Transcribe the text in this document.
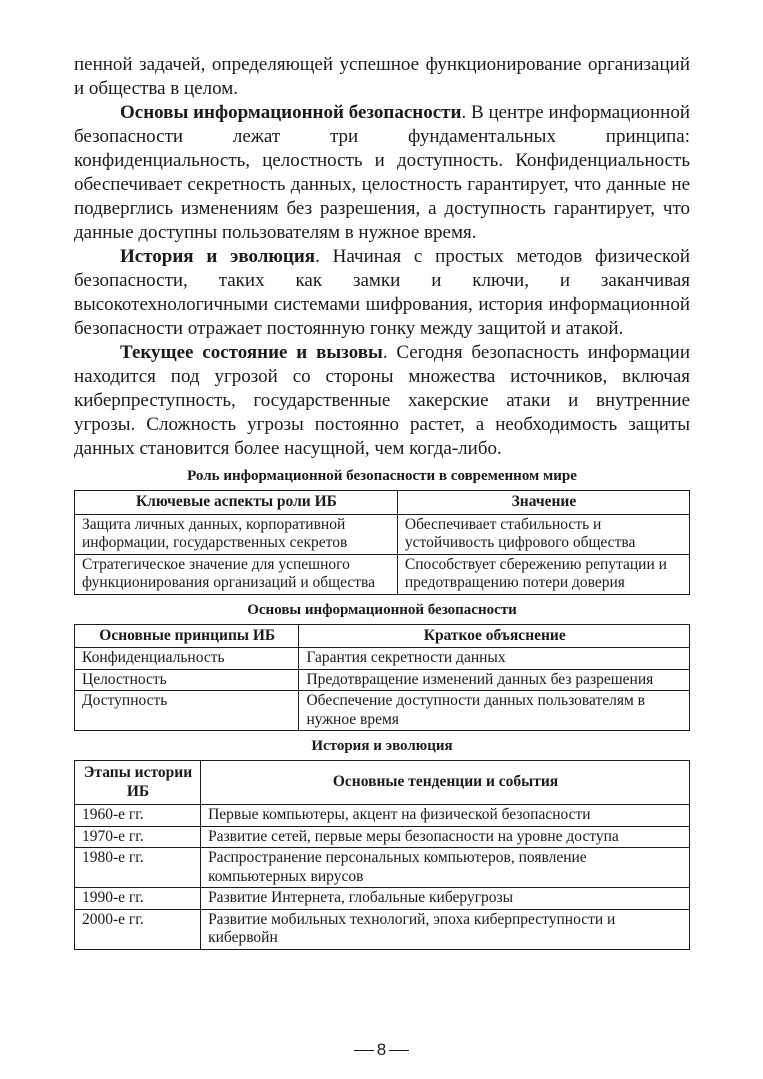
пенной задачей, определяющей успешное функционирование организаций и общества в целом.

Основы информационной безопасности. В центре информационной безопасности лежат три фундаментальных принципа: конфиденциальность, целостность и доступность. Конфиденциальность обеспечивает секретность данных, целостность гарантирует, что данные не подверглись изменениям без разрешения, а доступность гарантирует, что данные доступны пользователям в нужное время.

История и эволюция. Начиная с простых методов физической безопасности, таких как замки и ключи, и заканчивая высокотехнологичными системами шифрования, история информационной безопасности отражает постоянную гонку между защитой и атакой.

Текущее состояние и вызовы. Сегодня безопасность информации находится под угрозой со стороны множества источников, включая киберпреступность, государственные хакерские атаки и внутренние угрозы. Сложность угрозы постоянно растет, а необходимость защиты данных становится более насущной, чем когда-либо.

Роль информационной безопасности в современном мире
Ключевые аспекты роли ИБ	Значение
Защита личных данных, корпоративной информации, государственных секретов	Обеспечивает стабильность и устойчивость цифрового общества
Стратегическое значение для успешного функционирования организаций и общества	Способствует сбережению репутации и предотвращению потери доверия
Основы информационной безопасности
Основные принципы ИБ	Краткое объяснение
Конфиденциальность	Гарантия секретности данных
Целостность	Предотвращение изменений данных без разрешения
Доступность	Обеспечение доступности данных пользователям в нужное время
История и эволюция
Этапы истории ИБ	Основные тенденции и события
1960-е гг.	Первые компьютеры, акцент на физической безопасности
1970-е гг.	Развитие сетей, первые меры безопасности на уровне доступа
1980-е гг.	Распространение персональных компьютеров, появление компьютерных вирусов
1990-е гг.	Развитие Интернета, глобальные киберугрозы
2000-е гг.	Развитие мобильных технологий, эпоха киберпреступности и кибервойн
8
